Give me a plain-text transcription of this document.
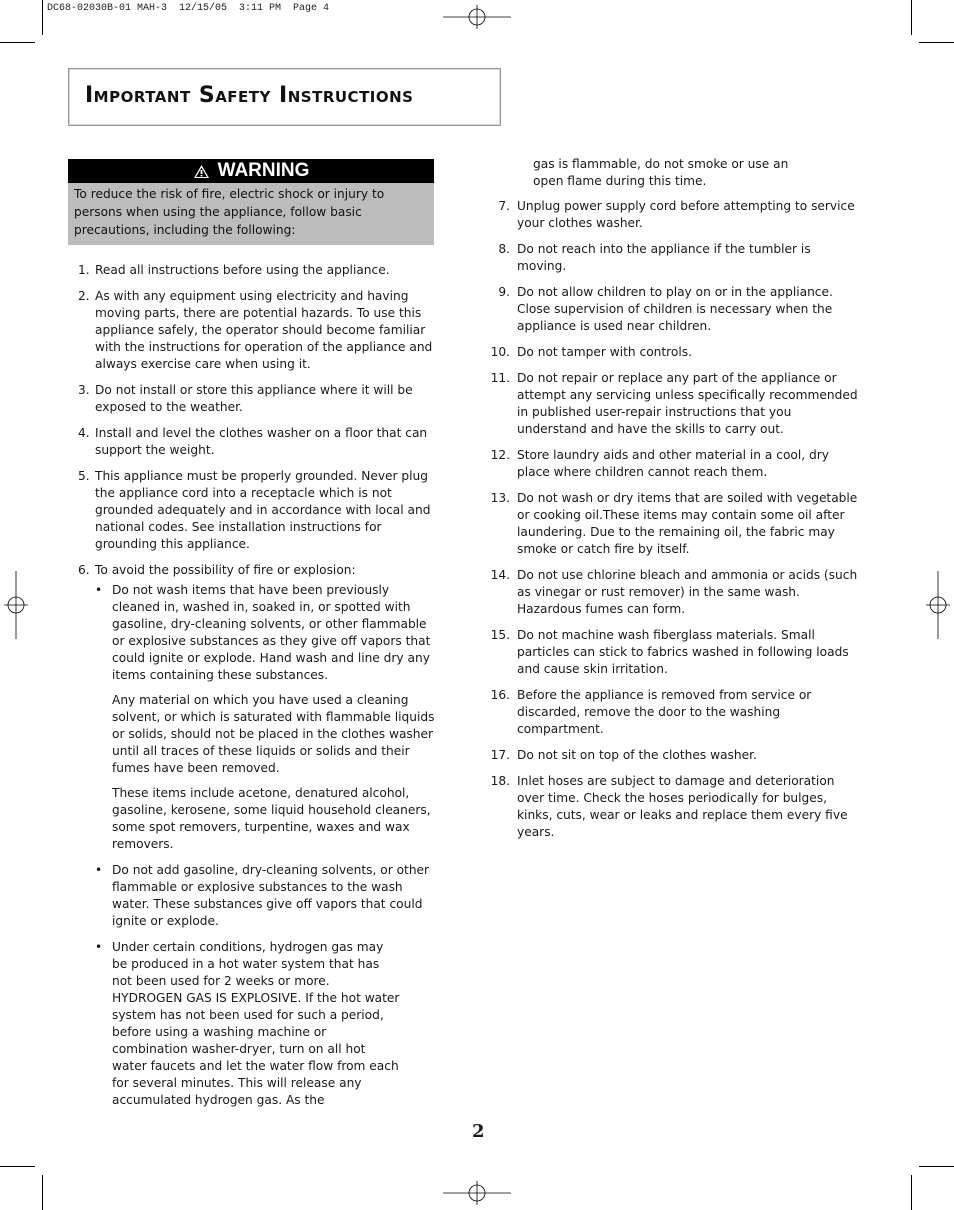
DC68-02030B-01 MAH-3  12/15/05  3:11 PM  Page 4
Important Safety Instructions
WARNING
To reduce the risk of fire, electric shock or injury to persons when using the appliance, follow basic precautions, including the following:
1. Read all instructions before using the appliance.
2. As with any equipment using electricity and having moving parts, there are potential hazards. To use this appliance safely, the operator should become familiar with the instructions for operation of the appliance and always exercise care when using it.
3. Do not install or store this appliance where it will be exposed to the weather.
4. Install and level the clothes washer on a floor that can support the weight.
5. This appliance must be properly grounded. Never plug the appliance cord into a receptacle which is not grounded adequately and in accordance with local and national codes. See installation instructions for grounding this appliance.
6. To avoid the possibility of fire or explosion:
• Do not wash items that have been previously cleaned in, washed in, soaked in, or spotted with gasoline, dry-cleaning solvents, or other flammable or explosive substances as they give off vapors that could ignite or explode. Hand wash and line dry any items containing these substances.
Any material on which you have used a cleaning solvent, or which is saturated with flammable liquids or solids, should not be placed in the clothes washer until all traces of these liquids or solids and their fumes have been removed.
These items include acetone, denatured alcohol, gasoline, kerosene, some liquid household cleaners, some spot removers, turpentine, waxes and wax removers.
• Do not add gasoline, dry-cleaning solvents, or other flammable or explosive substances to the wash water. These substances give off vapors that could ignite or explode.
• Under certain conditions, hydrogen gas may be produced in a hot water system that has not been used for 2 weeks or more. HYDROGEN GAS IS EXPLOSIVE. If the hot water system has not been used for such a period, before using a washing machine or combination washer-dryer, turn on all hot water faucets and let the water flow from each for several minutes. This will release any accumulated hydrogen gas. As the
gas is flammable, do not smoke or use an open flame during this time.
7. Unplug power supply cord before attempting to service your clothes washer.
8. Do not reach into the appliance if the tumbler is moving.
9. Do not allow children to play on or in the appliance. Close supervision of children is necessary when the appliance is used near children.
10. Do not tamper with controls.
11. Do not repair or replace any part of the appliance or attempt any servicing unless specifically recommended in published user-repair instructions that you understand and have the skills to carry out.
12. Store laundry aids and other material in a cool, dry place where children cannot reach them.
13. Do not wash or dry items that are soiled with vegetable or cooking oil.These items may contain some oil after laundering. Due to the remaining oil, the fabric may smoke or catch fire by itself.
14. Do not use chlorine bleach and ammonia or acids (such as vinegar or rust remover) in the same wash. Hazardous fumes can form.
15. Do not machine wash fiberglass materials. Small particles can stick to fabrics washed in following loads and cause skin irritation.
16. Before the appliance is removed from service or discarded, remove the door to the washing compartment.
17. Do not sit on top of the clothes washer.
18. Inlet hoses are subject to damage and deterioration over time. Check the hoses periodically for bulges, kinks, cuts, wear or leaks and replace them every five years.
2
